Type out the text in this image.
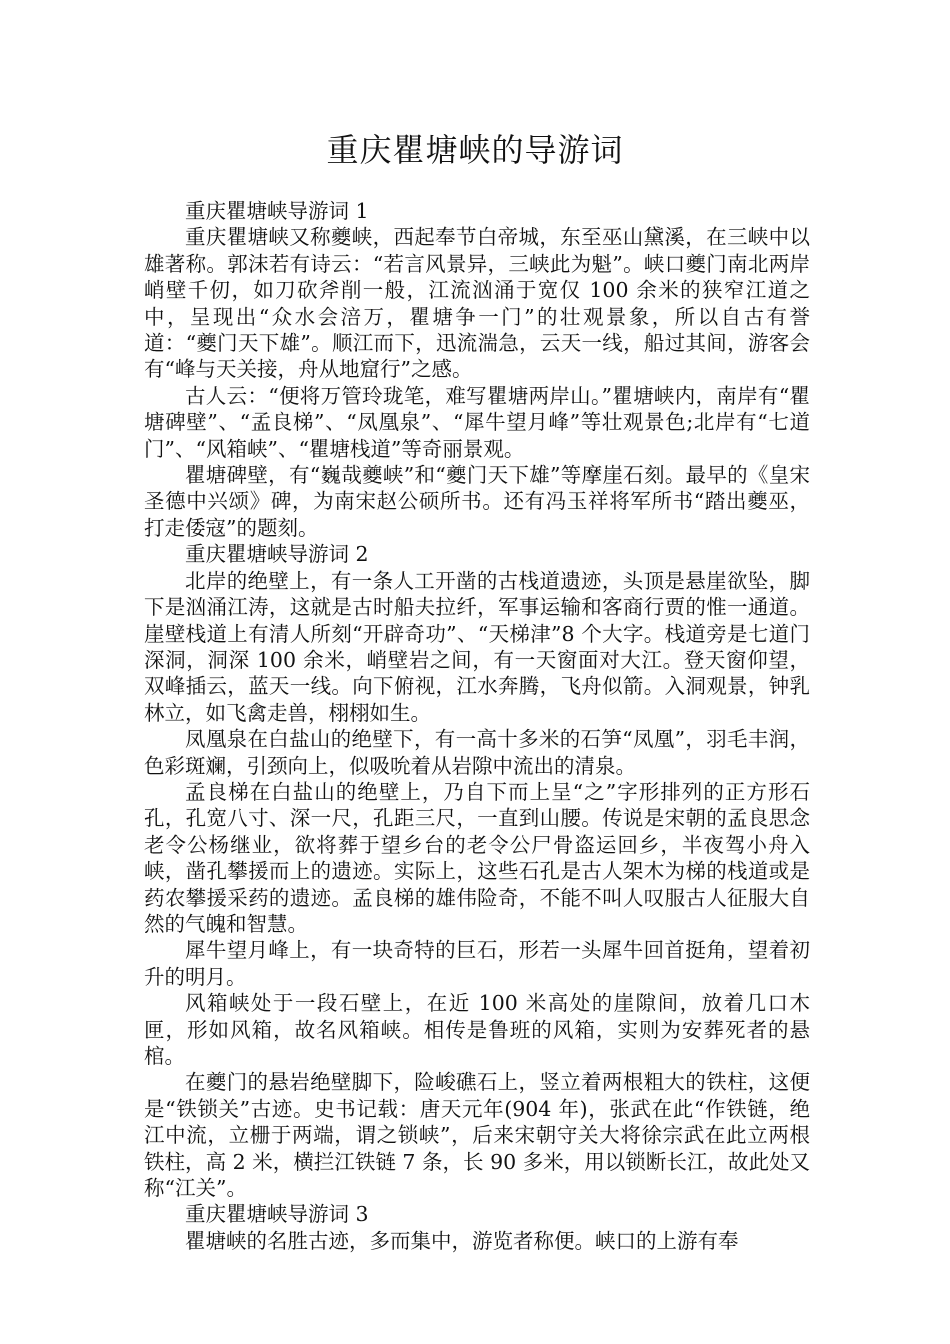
重庆瞿塘峡的导游词

重庆瞿塘峡导游词 1

重庆瞿塘峡又称夔峡，西起奉节白帝城，东至巫山黛溪，在三峡中以雄著称。郭沫若有诗云：“若言风景异，三峡此为魁”。峡口夔门南北两岸峭壁千仞，如刀砍斧削一般，江流汹涌于宽仅 100 余米的狭窄江道之中，呈现出“众水会涪万，瞿塘争一门”的壮观景象，所以自古有誉道：“夔门天下雄”。顺江而下，迅流湍急，云天一线，船过其间，游客会有“峰与天关接，舟从地窟行”之感。

古人云：“便将万管玲珑笔，难写瞿塘两岸山。”瞿塘峡内，南岸有“瞿塘碑壁”、“孟良梯”、“凤凰泉”、“犀牛望月峰”等壮观景色;北岸有“七道门”、“风箱峡”、“瞿塘栈道”等奇丽景观。

瞿塘碑壁，有“巍哉夔峡”和“夔门天下雄”等摩崖石刻。最早的《皇宋圣德中兴颂》碑，为南宋赵公硕所书。还有冯玉祥将军所书“踏出夔巫，打走倭寇”的题刻。

重庆瞿塘峡导游词 2

北岸的绝壁上，有一条人工开凿的古栈道遗迹，头顶是悬崖欲坠，脚下是汹涌江涛，这就是古时船夫拉纤，军事运输和客商行贾的惟一通道。崖壁栈道上有清人所刻“开辟奇功”、“天梯津”8 个大字。栈道旁是七道门深洞，洞深 100 余米，峭壁岩之间，有一天窗面对大江。登天窗仰望，双峰插云，蓝天一线。向下俯视，江水奔腾，飞舟似箭。入洞观景，钟乳林立，如飞禽走兽，栩栩如生。

凤凰泉在白盐山的绝壁下，有一高十多米的石笋“凤凰”，羽毛丰润，色彩斑斓，引颈向上，似吸吮着从岩隙中流出的清泉。

孟良梯在白盐山的绝壁上，乃自下而上呈“之”字形排列的正方形石孔，孔宽八寸、深一尺，孔距三尺，一直到山腰。传说是宋朝的孟良思念老令公杨继业，欲将葬于望乡台的老令公尸骨盗运回乡，半夜驾小舟入峡，凿孔攀援而上的遗迹。实际上，这些石孔是古人架木为梯的栈道或是药农攀援采药的遗迹。孟良梯的雄伟险奇，不能不叫人叹服古人征服大自然的气魄和智慧。

犀牛望月峰上，有一块奇特的巨石，形若一头犀牛回首挺角，望着初升的明月。

风箱峡处于一段石壁上，在近 100 米高处的崖隙间，放着几口木匣，形如风箱，故名风箱峡。相传是鲁班的风箱，实则为安葬死者的悬棺。

在夔门的悬岩绝壁脚下，险峻礁石上，竖立着两根粗大的铁柱，这便是“铁锁关”古迹。史书记载：唐天元年(904 年)，张武在此“作铁链，绝江中流，立栅于两端，谓之锁峡”，后来宋朝守关大将徐宗武在此立两根铁柱，高 2 米，横拦江铁链 7 条，长 90 多米，用以锁断长江，故此处又称“江关”。

重庆瞿塘峡导游词 3

瞿塘峡的名胜古迹，多而集中，游览者称便。峡口的上游有奉
